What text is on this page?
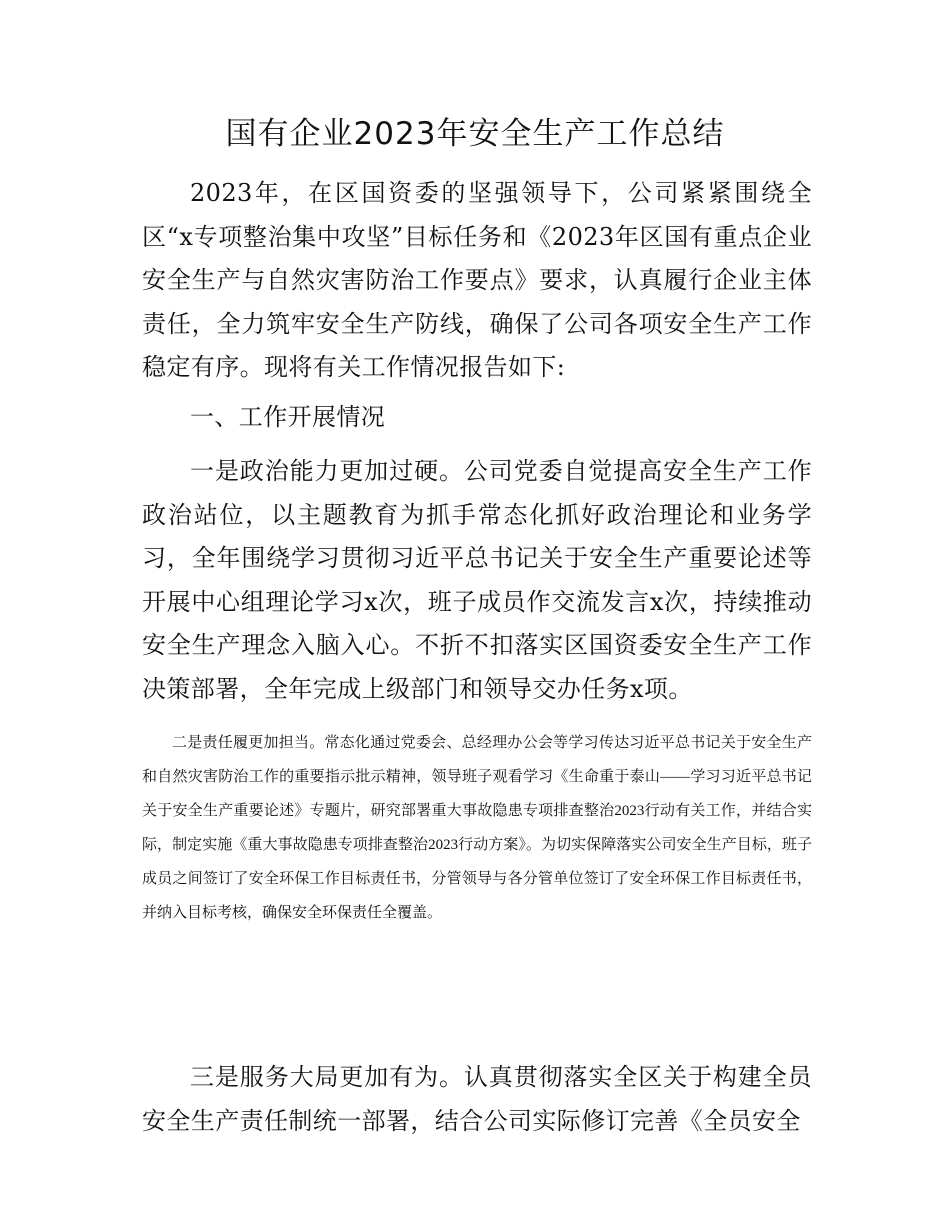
国有企业2023年安全生产工作总结

2023年，在区国资委的坚强领导下，公司紧紧围绕全区“x专项整治集中攻坚”目标任务和《2023年区国有重点企业安全生产与自然灾害防治工作要点》要求，认真履行企业主体责任，全力筑牢安全生产防线，确保了公司各项安全生产工作稳定有序。现将有关工作情况报告如下:

一、工作开展情况

一是政治能力更加过硬。公司党委自觉提高安全生产工作政治站位，以主题教育为抓手常态化抓好政治理论和业务学习，全年围绕学习贯彻习近平总书记关于安全生产重要论述等开展中心组理论学习x次，班子成员作交流发言x次，持续推动安全生产理念入脑入心。不折不扣落实区国资委安全生产工作决策部署，全年完成上级部门和领导交办任务x项。

二是责任履更加担当。常态化通过党委会、总经理办公会等学习传达习近平总书记关于安全生产和自然灾害防治工作的重要指示批示精神，领导班子观看学习《生命重于泰山——学习习近平总书记关于安全生产重要论述》专题片，研究部署重大事故隐患专项排查整治2023行动有关工作，并结合实际，制定实施《重大事故隐患专项排查整治2023行动方案》。为切实保障落实公司安全生产目标，班子成员之间签订了安全环保工作目标责任书，分管领导与各分管单位签订了安全环保工作目标责任书，并纳入目标考核，确保安全环保责任全覆盖。

三是服务大局更加有为。认真贯彻落实全区关于构建全员安全生产责任制统一部署，结合公司实际修订完善《全员安全
